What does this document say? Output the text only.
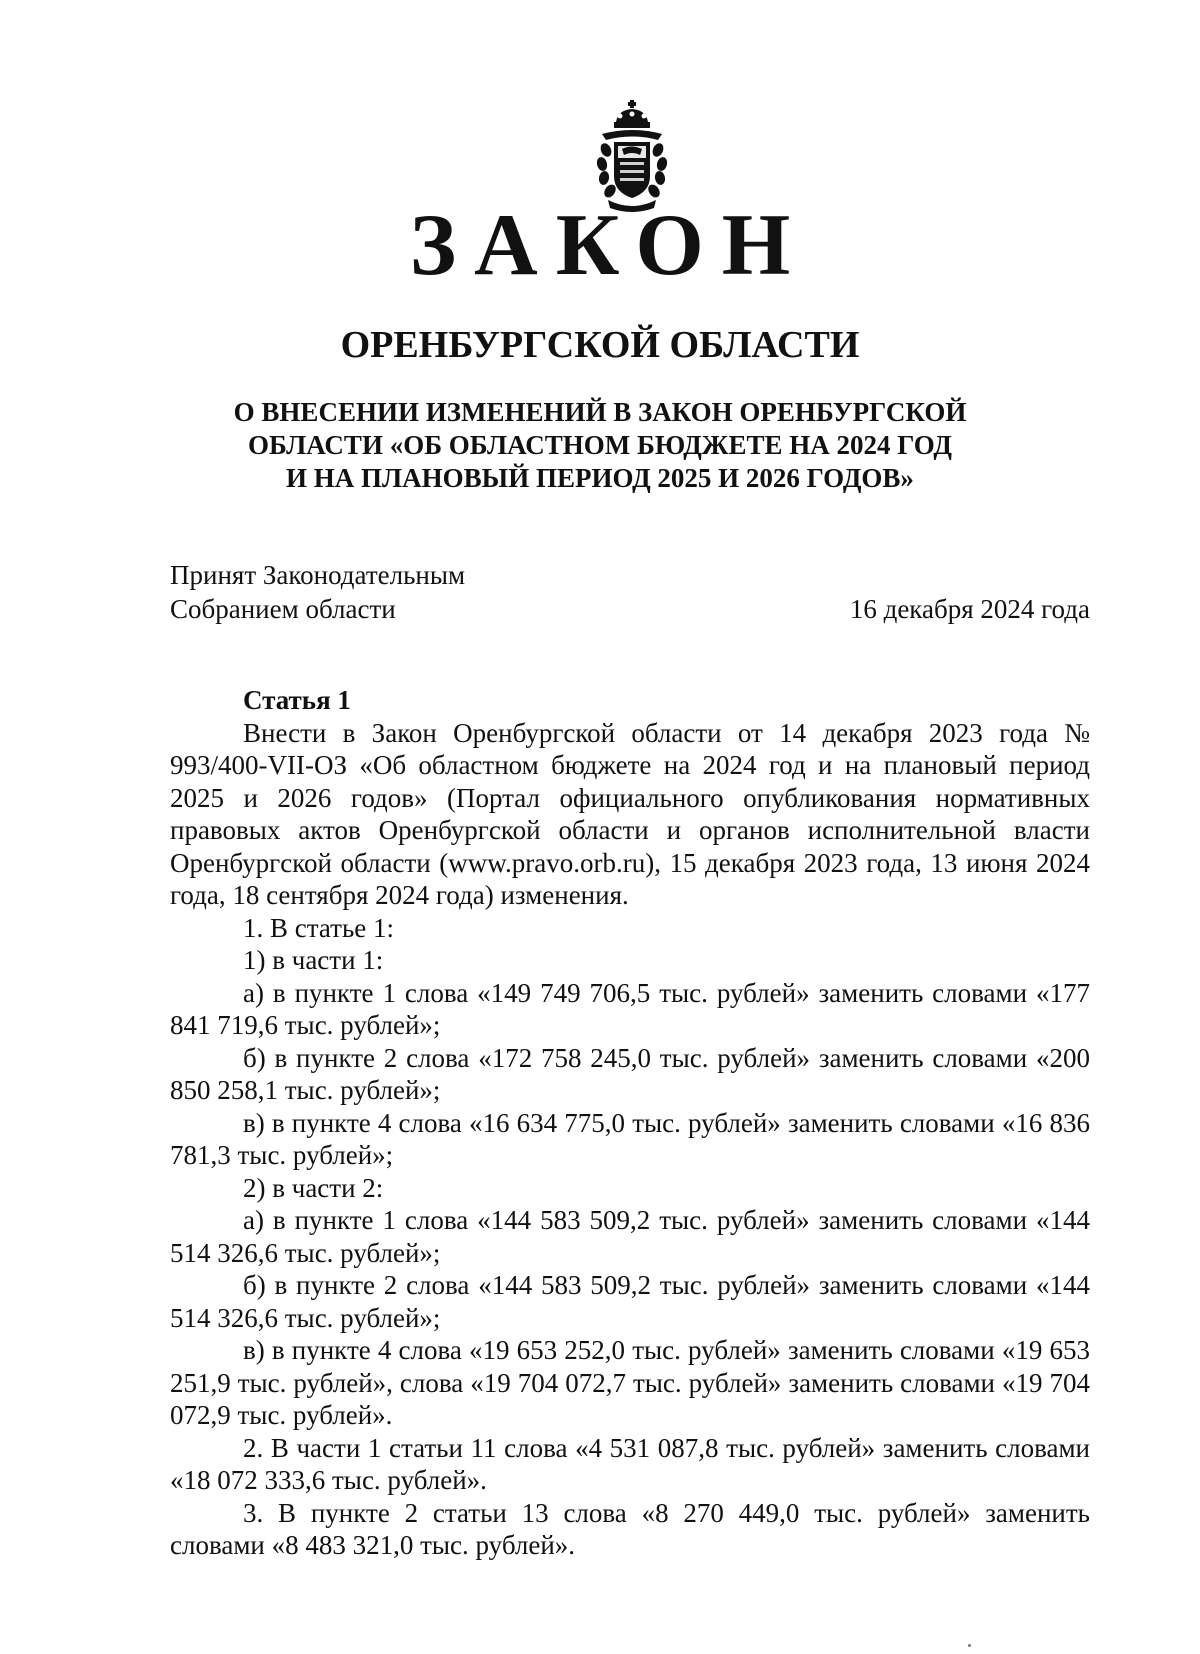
ЗАКОН
ОРЕНБУРГСКОЙ ОБЛАСТИ
О ВНЕСЕНИИ ИЗМЕНЕНИЙ В ЗАКОН ОРЕНБУРГСКОЙ
ОБЛАСТИ «ОБ ОБЛАСТНОМ БЮДЖЕТЕ НА 2024 ГОД
И НА ПЛАНОВЫЙ ПЕРИОД 2025 И 2026 ГОДОВ»
Принят Законодательным
Собранием области	16 декабря 2024 года
Статья 1

Внести в Закон Оренбургской области от 14 декабря 2023 года № 993/400-VII-ОЗ «Об областном бюджете на 2024 год и на плановый период 2025 и 2026 годов» (Портал официального опубликования нормативных правовых актов Оренбургской области и органов исполнительной власти Оренбургской области (www.pravo.orb.ru), 15 декабря 2023 года, 13 июня 2024 года, 18 сентября 2024 года) изменения.

1. В статье 1:

1) в части 1:

а) в пункте 1 слова «149 749 706,5 тыс. рублей» заменить словами «177 841 719,6 тыс. рублей»;

б) в пункте 2 слова «172 758 245,0 тыс. рублей» заменить словами «200 850 258,1 тыс. рублей»;

в) в пункте 4 слова «16 634 775,0 тыс. рублей» заменить словами «16 836 781,3 тыс. рублей»;

2) в части 2:

а) в пункте 1 слова «144 583 509,2 тыс. рублей» заменить словами «144 514 326,6 тыс. рублей»;

б) в пункте 2 слова «144 583 509,2 тыс. рублей» заменить словами «144 514 326,6 тыс. рублей»;

в) в пункте 4 слова «19 653 252,0 тыс. рублей» заменить словами «19 653 251,9 тыс. рублей», слова «19 704 072,7 тыс. рублей» заменить словами «19 704 072,9 тыс. рублей».

2. В части 1 статьи 11 слова «4 531 087,8 тыс. рублей» заменить словами «18 072 333,6 тыс. рублей».

3. В пункте 2 статьи 13 слова «8 270 449,0 тыс. рублей» заменить словами «8 483 321,0 тыс. рублей».
